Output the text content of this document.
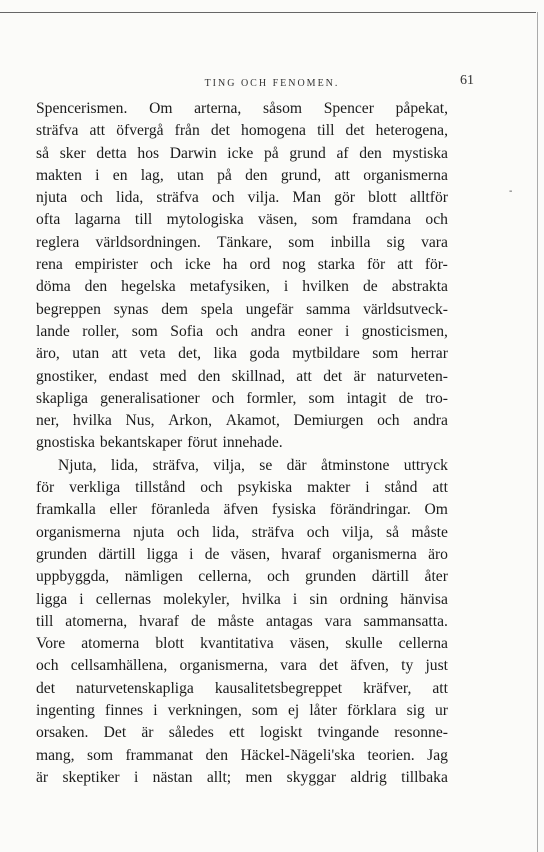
TING OCH FENOMEN.	61
-
Spencerismen. Om arterna, såsom Spencer påpekat,
sträfva att öfvergå från det homogena till det heterogena,
så sker detta hos Darwin icke på grund af den mystiska
makten i en lag, utan på den grund, att organismerna
njuta och lida, sträfva och vilja. Man gör blott alltför
ofta lagarna till mytologiska väsen, som framdana och
reglera världsordningen. Tänkare, som inbilla sig vara
rena empirister och icke ha ord nog starka för att för-
döma den hegelska metafysiken, i hvilken de abstrakta
begreppen synas dem spela ungefär samma världsutveck-
lande roller, som Sofia och andra eoner i gnosticismen,
äro, utan att veta det, lika goda mytbildare som herrar
gnostiker, endast med den skillnad, att det är naturveten-
skapliga generalisationer och formler, som intagit de tro-
ner, hvilka Nus, Arkon, Akamot, Demiurgen och andra
gnostiska bekantskaper förut innehade.
Njuta, lida, sträfva, vilja, se där åtminstone uttryck
för verkliga tillstånd och psykiska makter i stånd att
framkalla eller föranleda äfven fysiska förändringar. Om
organismerna njuta och lida, sträfva och vilja, så måste
grunden därtill ligga i de väsen, hvaraf organismerna äro
uppbyggda, nämligen cellerna, och grunden därtill åter
ligga i cellernas molekyler, hvilka i sin ordning hänvisa
till atomerna, hvaraf de måste antagas vara sammansatta.
Vore atomerna blott kvantitativa väsen, skulle cellerna
och cellsamhällena, organismerna, vara det äfven, ty just
det naturvetenskapliga kausalitetsbegreppet kräfver, att
ingenting finnes i verkningen, som ej låter förklara sig ur
orsaken. Det är således ett logiskt tvingande resonne-
mang, som frammanat den Häckel-Nägeli'ska teorien. Jag
är skeptiker i nästan allt; men skyggar aldrig tillbaka
